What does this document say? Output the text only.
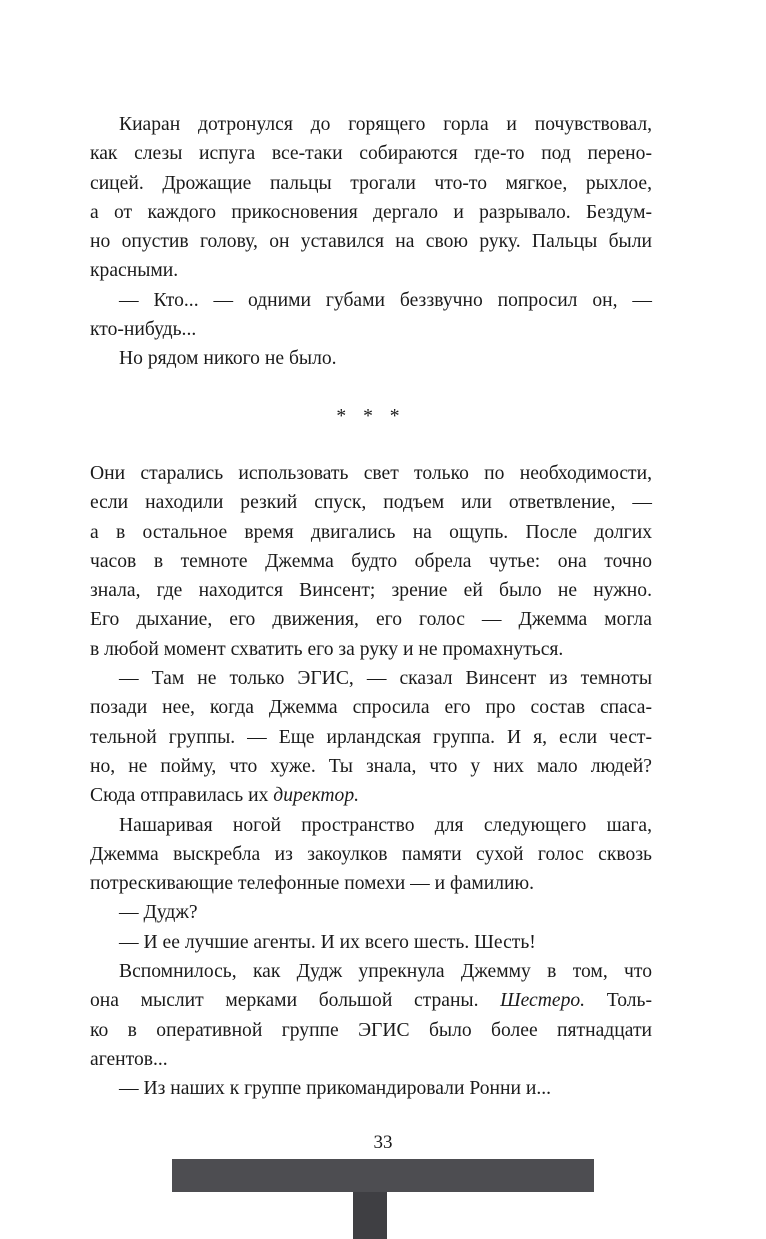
Киаран дотронулся до горящего горла и почувствовал,
как слезы испуга все-таки собираются где-то под перено-
сицей. Дрожащие пальцы трогали что-то мягкое, рыхлое,
а от каждого прикосновения дергало и разрывало. Бездум-
но опустив голову, он уставился на свою руку. Пальцы были
красными.
— Кто... — одними губами беззвучно попросил он, —
кто-нибудь...
Но рядом никого не было.
* * *
Они старались использовать свет только по необходимости,
если находили резкий спуск, подъем или ответвление, —
а в остальное время двигались на ощупь. После долгих
часов в темноте Джемма будто обрела чутье: она точно
знала, где находится Винсент; зрение ей было не нужно.
Его дыхание, его движения, его голос — Джемма могла
в любой момент схватить его за руку и не промахнуться.
— Там не только ЭГИС, — сказал Винсент из темноты
позади нее, когда Джемма спросила его про состав спаса-
тельной группы. — Еще ирландская группа. И я, если чест-
но, не пойму, что хуже. Ты знала, что у них мало людей?
Сюда отправилась их директор.
Нашаривая ногой пространство для следующего шага,
Джемма выскребла из закоулков памяти сухой голос сквозь
потрескивающие телефонные помехи — и фамилию.
— Дудж?
— И ее лучшие агенты. И их всего шесть. Шесть!
Вспомнилось, как Дудж упрекнула Джемму в том, что
она мыслит мерками большой страны. Шестеро. Толь-
ко в оперативной группе ЭГИС было более пятнадцати
агентов...
— Из наших к группе прикомандировали Ронни и...
33
